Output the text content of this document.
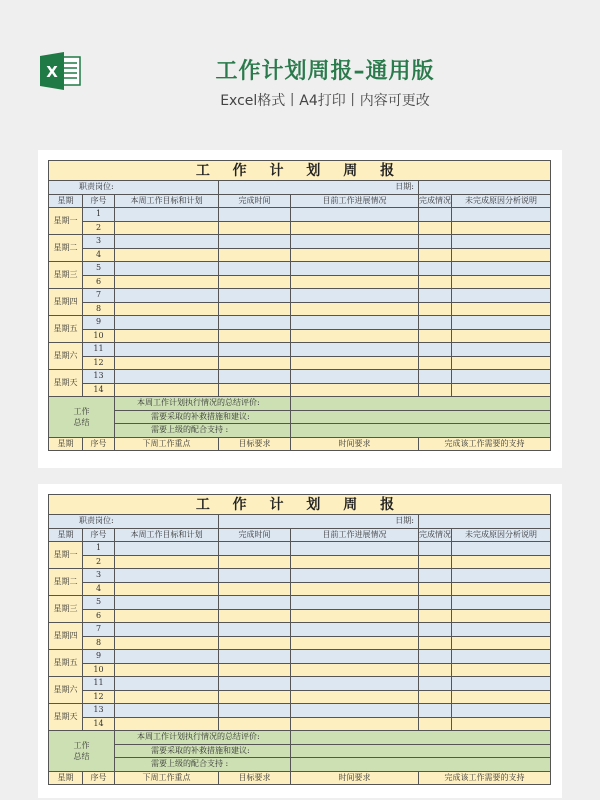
X	工作计划周报–通用版
Excel格式丨A4打印丨内容可更改
工 作 计 划 周 报						
职责岗位:			日期:			
星期	序号	本周工作目标和计划	完成时间	目前工作进展情况	完成情况	未完成原因分析说明
星期一	1					
	2					
星期二	3					
	4					
星期三	5					
	6					
星期四	7					
	8					
星期五	9					
	10					
星期六	11					
	12					
星期天	13					
	14					
工作
总结		本周工作计划执行情况的总结评价:				
		需要采取的补救措施和建议:				
		需要上级的配合支持 :				
星期	序号	下周工作重点	目标要求	时间要求	完成该工作需要的支持	
工 作 计 划 周 报						
职责岗位:			日期:			
星期	序号	本周工作目标和计划	完成时间	目前工作进展情况	完成情况	未完成原因分析说明
星期一	1					
	2					
星期二	3					
	4					
星期三	5					
	6					
星期四	7					
	8					
星期五	9					
	10					
星期六	11					
	12					
星期天	13					
	14					
工作
总结		本周工作计划执行情况的总结评价:				
		需要采取的补救措施和建议:				
		需要上级的配合支持 :				
星期	序号	下周工作重点	目标要求	时间要求	完成该工作需要的支持	
